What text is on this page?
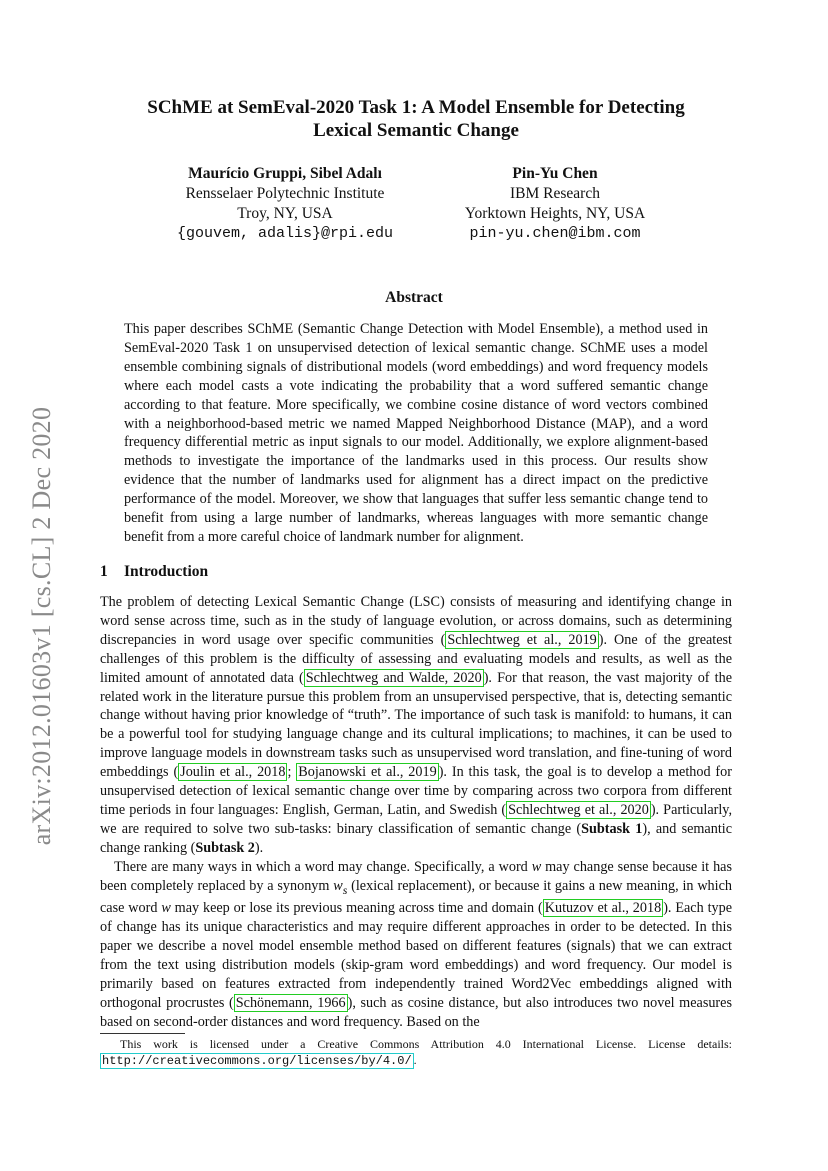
arXiv:2012.01603v1 [cs.CL] 2 Dec 2020
SChME at SemEval-2020 Task 1: A Model Ensemble for Detecting
Lexical Semantic Change
Maurício Gruppi, Sibel Adalı
Rensselaer Polytechnic Institute
Troy, NY, USA
{gouvem, adalis}@rpi.edu
Pin-Yu Chen
IBM Research
Yorktown Heights, NY, USA
pin-yu.chen@ibm.com
Abstract
This paper describes SChME (Semantic Change Detection with Model Ensemble), a method used in SemEval-2020 Task 1 on unsupervised detection of lexical semantic change. SChME uses a model ensemble combining signals of distributional models (word embeddings) and word frequency models where each model casts a vote indicating the probability that a word suffered semantic change according to that feature. More specifically, we combine cosine distance of word vectors combined with a neighborhood-based metric we named Mapped Neighborhood Distance (MAP), and a word frequency differential metric as input signals to our model. Additionally, we explore alignment-based methods to investigate the importance of the landmarks used in this process. Our results show evidence that the number of landmarks used for alignment has a direct impact on the predictive performance of the model. Moreover, we show that languages that suffer less semantic change tend to benefit from using a large number of landmarks, whereas languages with more semantic change benefit from a more careful choice of landmark number for alignment.
1 Introduction

The problem of detecting Lexical Semantic Change (LSC) consists of measuring and identifying change in word sense across time, such as in the study of language evolution, or across domains, such as determining discrepancies in word usage over specific communities ( Schlechtweg et al., 2019 ). One of the greatest challenges of this problem is the difficulty of assessing and evaluating models and results, as well as the limited amount of annotated data ( Schlechtweg and Walde, 2020 ). For that reason, the vast majority of the related work in the literature pursue this problem from an unsupervised perspective, that is, detecting semantic change without having prior knowledge of “truth”. The importance of such task is manifold: to humans, it can be a powerful tool for studying language change and its cultural implications; to machines, it can be used to improve language models in downstream tasks such as unsupervised word translation, and fine-tuning of word embeddings ( Joulin et al., 2018 ; Bojanowski et al., 2019 ). In this task, the goal is to develop a method for unsupervised detection of lexical semantic change over time by comparing across two corpora from different time periods in four languages: English, German, Latin, and Swedish ( Schlechtweg et al., 2020 ). Particularly, we are required to solve two sub-tasks: binary classification of semantic change (Subtask 1), and semantic change ranking (Subtask 2).

There are many ways in which a word may change. Specifically, a word w may change sense because it has been completely replaced by a synonym $w_s$ (lexical replacement), or because it gains a new meaning, in which case word w may keep or lose its previous meaning across time and domain ( Kutuzov et al., 2018 ). Each type of change has its unique characteristics and may require different approaches in order to be detected. In this paper we describe a novel model ensemble method based on different features (signals) that we can extract from the text using distribution models (skip-gram word embeddings) and word frequency. Our model is primarily based on features extracted from independently trained Word2Vec embeddings aligned with orthogonal procrustes ( Schönemann, 1966 ), such as cosine distance, but also introduces two novel measures based on second-order distances and word frequency. Based on the

This work is licensed under a Creative Commons Attribution 4.0 International License. License details: http://creativecommons.org/licenses/by/4.0/ .
